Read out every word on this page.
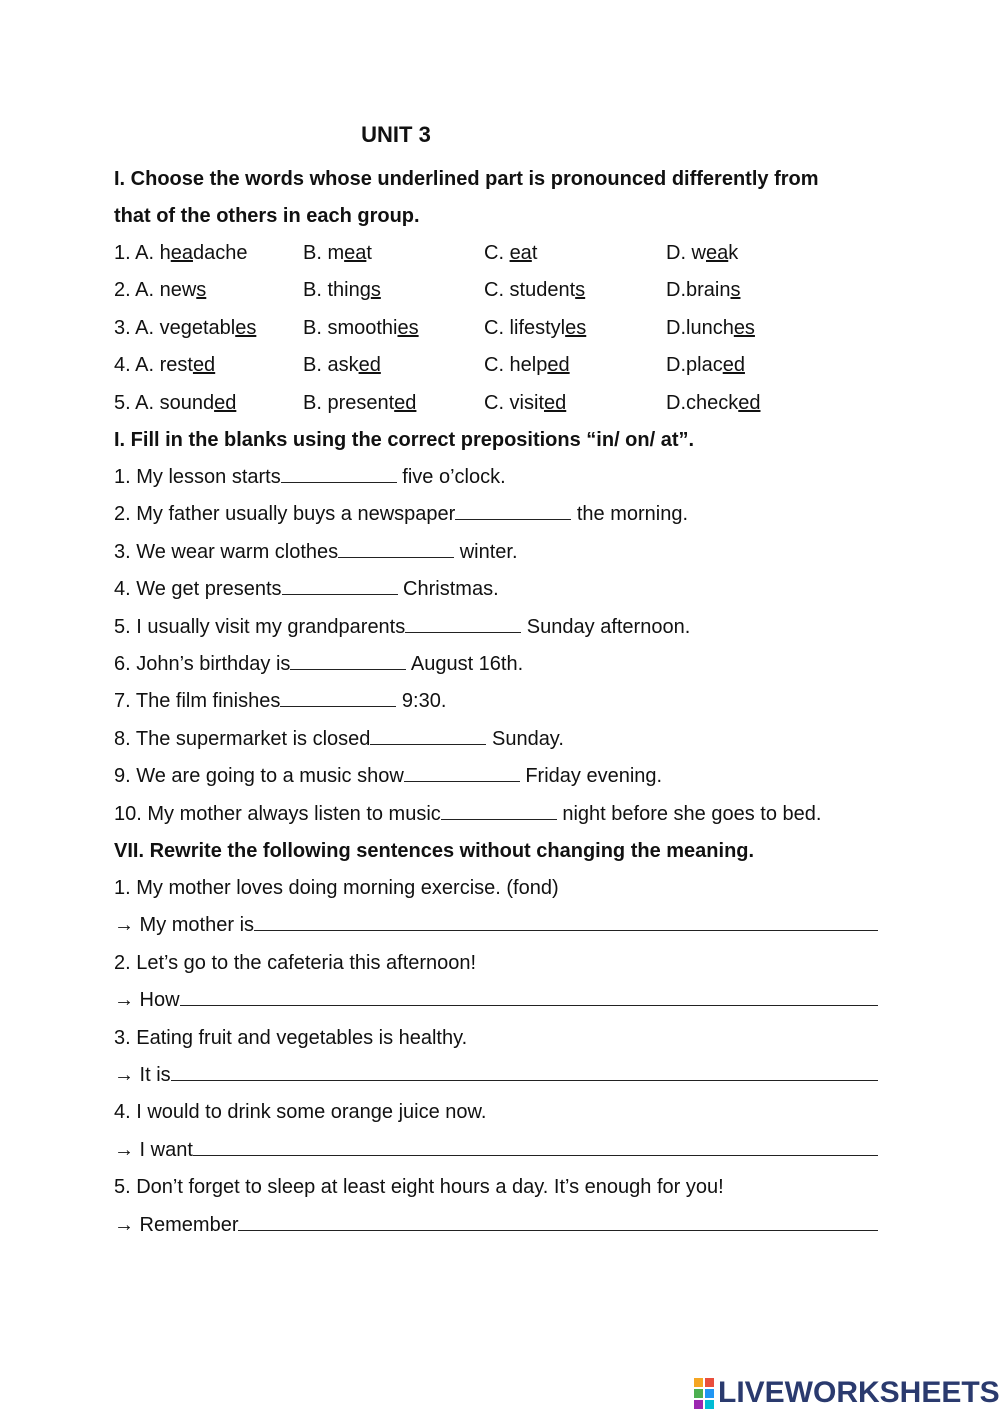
UNIT 3
I. Choose the words whose underlined part is pronounced differently from
that of the others in each group.
1. A. headache	B. meat	C. eat	D. weak
2. A. news	B. things	C. students	D.brains
3. A. vegetables B. smoothies	C. lifestyles	D.lunches
4. A. rested	B. asked	C. helped	D.placed
5. A. sounded	B. presented	C. visited	D.checked
I. Fill in the blanks using the correct prepositions “in/ on/ at”.
1. My lesson starts	five o’clock.
2. My father usually buys a newspaper	the morning.
3. We wear warm clothes	winter.
4. We get presents	Christmas.
5. I usually visit my grandparents	Sunday afternoon.
6. John’s birthday is	August 16th.
7. The film finishes	9:30.
8. The supermarket is closed	Sunday.
9. We are going to a music show	Friday evening.
10. My mother always listen to music	night before she goes to bed.
VII. Rewrite the following sentences without changing the meaning.
1. My mother loves doing morning exercise. (fond)
→ My mother is
2. Let’s go to the cafeteria this afternoon!
→ How
3. Eating fruit and vegetables is healthy.
→ It is
4. I would to drink some orange juice now.
→ I want
5. Don’t forget to sleep at least eight hours a day. It’s enough for you!
→ Remember
LIVEWORKSHEETS
